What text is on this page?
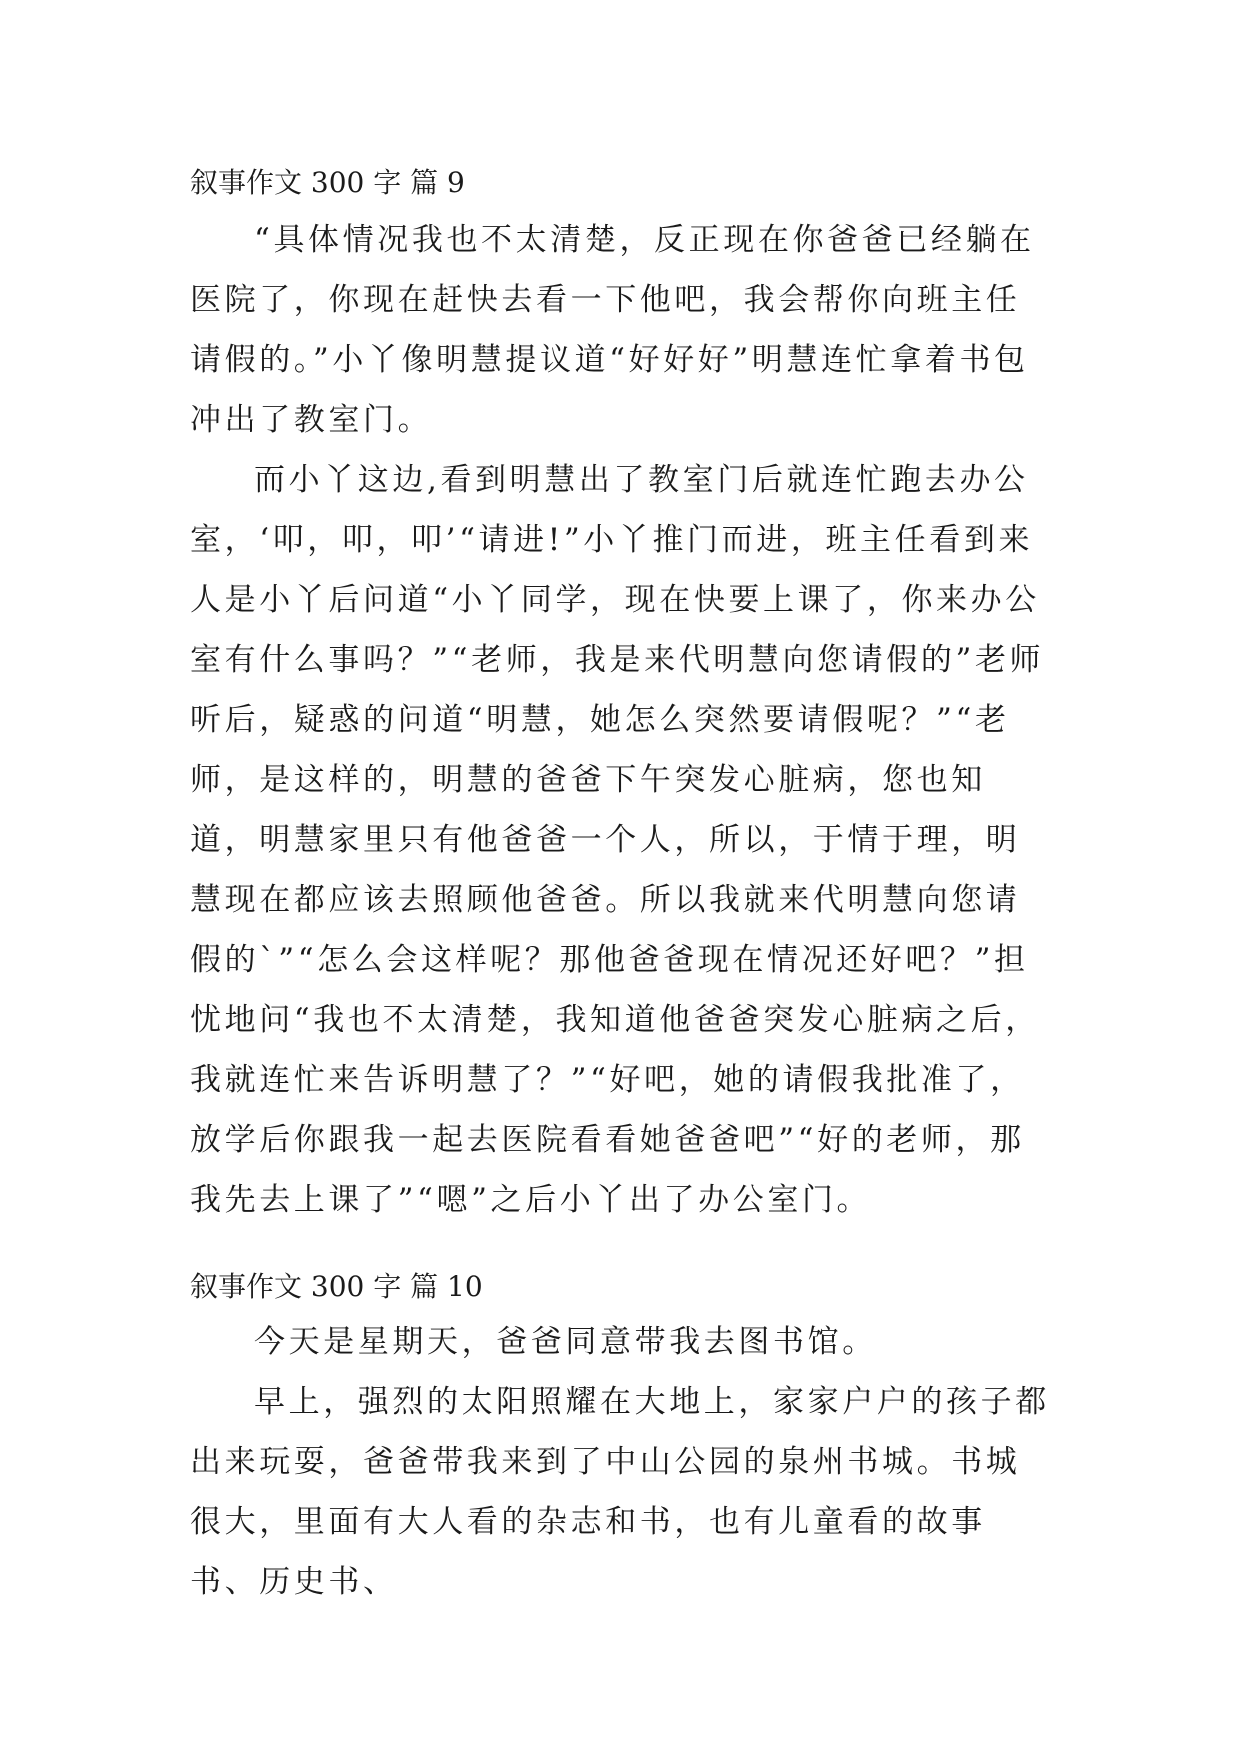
叙事作文 300 字 篇 9

“具体情况我也不太清楚，反正现在你爸爸已经躺在医院了，你现在赶快去看一下他吧，我会帮你向班主任请假的。”小丫像明慧提议道“好好好”明慧连忙拿着书包冲出了教室门。

而小丫这边,看到明慧出了教室门后就连忙跑去办公室，‘叩，叩，叩’“请进!”小丫推门而进，班主任看到来人是小丫后问道“小丫同学，现在快要上课了，你来办公室有什么事吗？”“老师，我是来代明慧向您请假的”老师听后，疑惑的问道“明慧，她怎么突然要请假呢？”“老师，是这样的，明慧的爸爸下午突发心脏病，您也知道，明慧家里只有他爸爸一个人，所以，于情于理，明慧现在都应该去照顾他爸爸。所以我就来代明慧向您请假的`”“怎么会这样呢？那他爸爸现在情况还好吧？”担忧地问“我也不太清楚，我知道他爸爸突发心脏病之后，我就连忙来告诉明慧了？”“好吧，她的请假我批准了，放学后你跟我一起去医院看看她爸爸吧”“好的老师，那我先去上课了”“嗯”之后小丫出了办公室门。

叙事作文 300 字 篇 10

今天是星期天，爸爸同意带我去图书馆。

早上，强烈的太阳照耀在大地上，家家户户的孩子都出来玩耍，爸爸带我来到了中山公园的泉州书城。书城很大，里面有大人看的杂志和书，也有儿童看的故事书、历史书、
